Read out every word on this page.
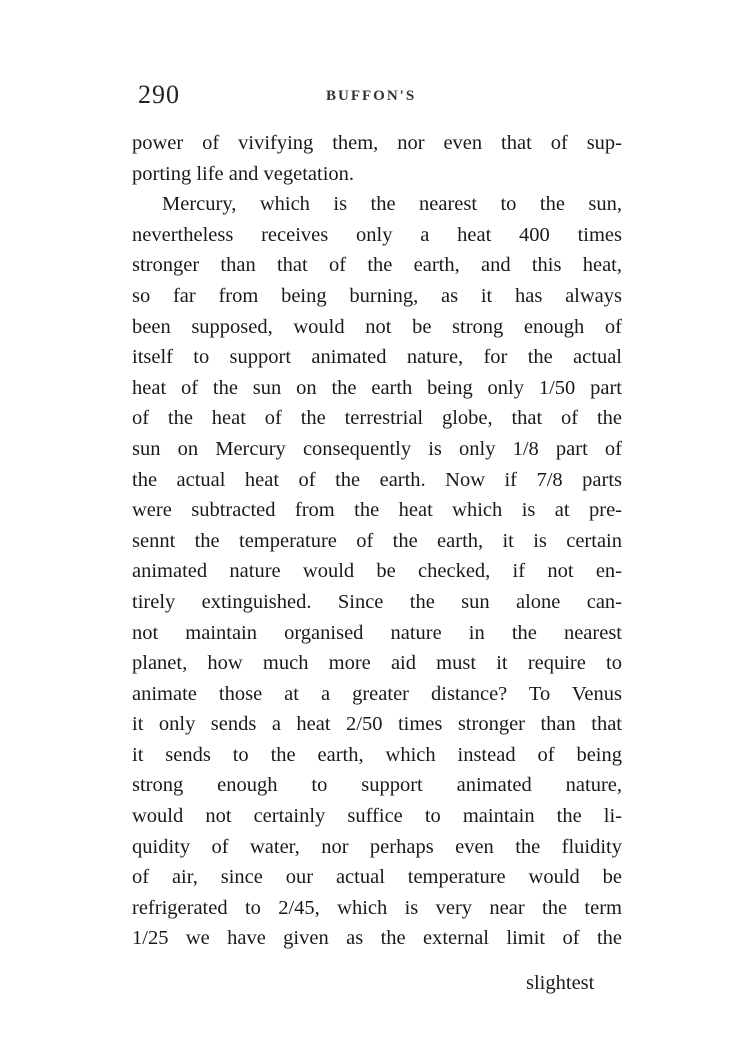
290	BUFFON'S
power of vivifying them, nor even that of sup-
porting life and vegetation.
Mercury, which is the nearest to the sun,
nevertheless receives only a heat 400 times
stronger than that of the earth, and this heat,
so far from being burning, as it has always
been supposed, would not be strong enough of
itself to support animated nature, for the actual
heat of the sun on the earth being only 1/50 part
of the heat of the terrestrial globe, that of the
sun on Mercury consequently is only 1/8 part of
the actual heat of the earth. Now if 7/8 parts
were subtracted from the heat which is at pre-
sennt the temperature of the earth, it is certain
animated nature would be checked, if not en-
tirely extinguished. Since the sun alone can-
not maintain organised nature in the nearest
planet, how much more aid must it require to
animate those at a greater distance? To Venus
it only sends a heat 2/50 times stronger than that
it sends to the earth, which instead of being
strong enough to support animated nature,
would not certainly suffice to maintain the li-
quidity of water, nor perhaps even the fluidity
of air, since our actual temperature would be
refrigerated to 2/45, which is very near the term
1/25 we have given as the external limit of the
slightest
